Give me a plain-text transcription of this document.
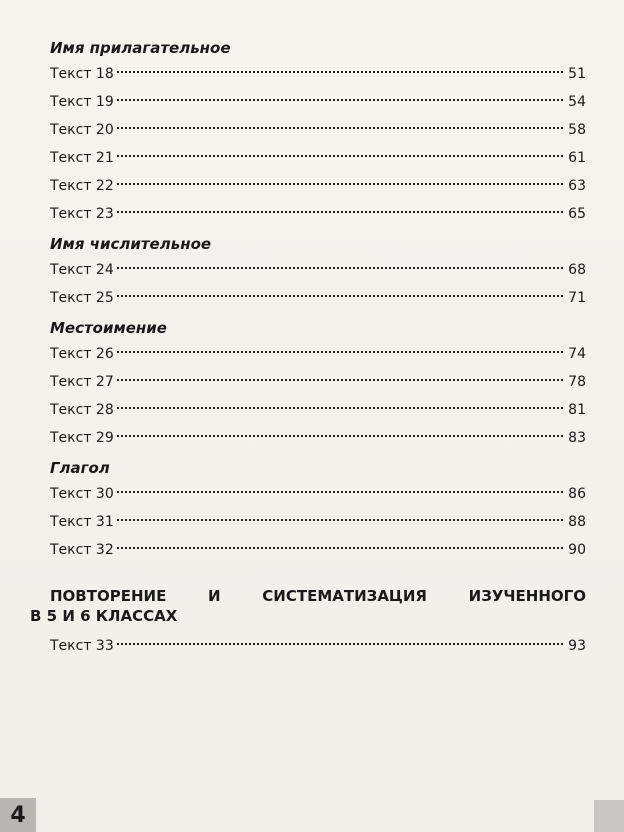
Имя прилагательное
Текст 18	51
Текст 19	54
Текст 20	58
Текст 21	61
Текст 22	63
Текст 23	65
Имя числительное
Текст 24	68
Текст 25	71
Местоимение
Текст 26	74
Текст 27	78
Текст 28	81
Текст 29	83
Глагол
Текст 30	86
Текст 31	88
Текст 32	90
ПОВТОРЕНИЕ	И	СИСТЕМАТИЗАЦИЯ	ИЗУЧЕННОГО
В 5 И 6 КЛАССАХ
Текст 33	93
4
